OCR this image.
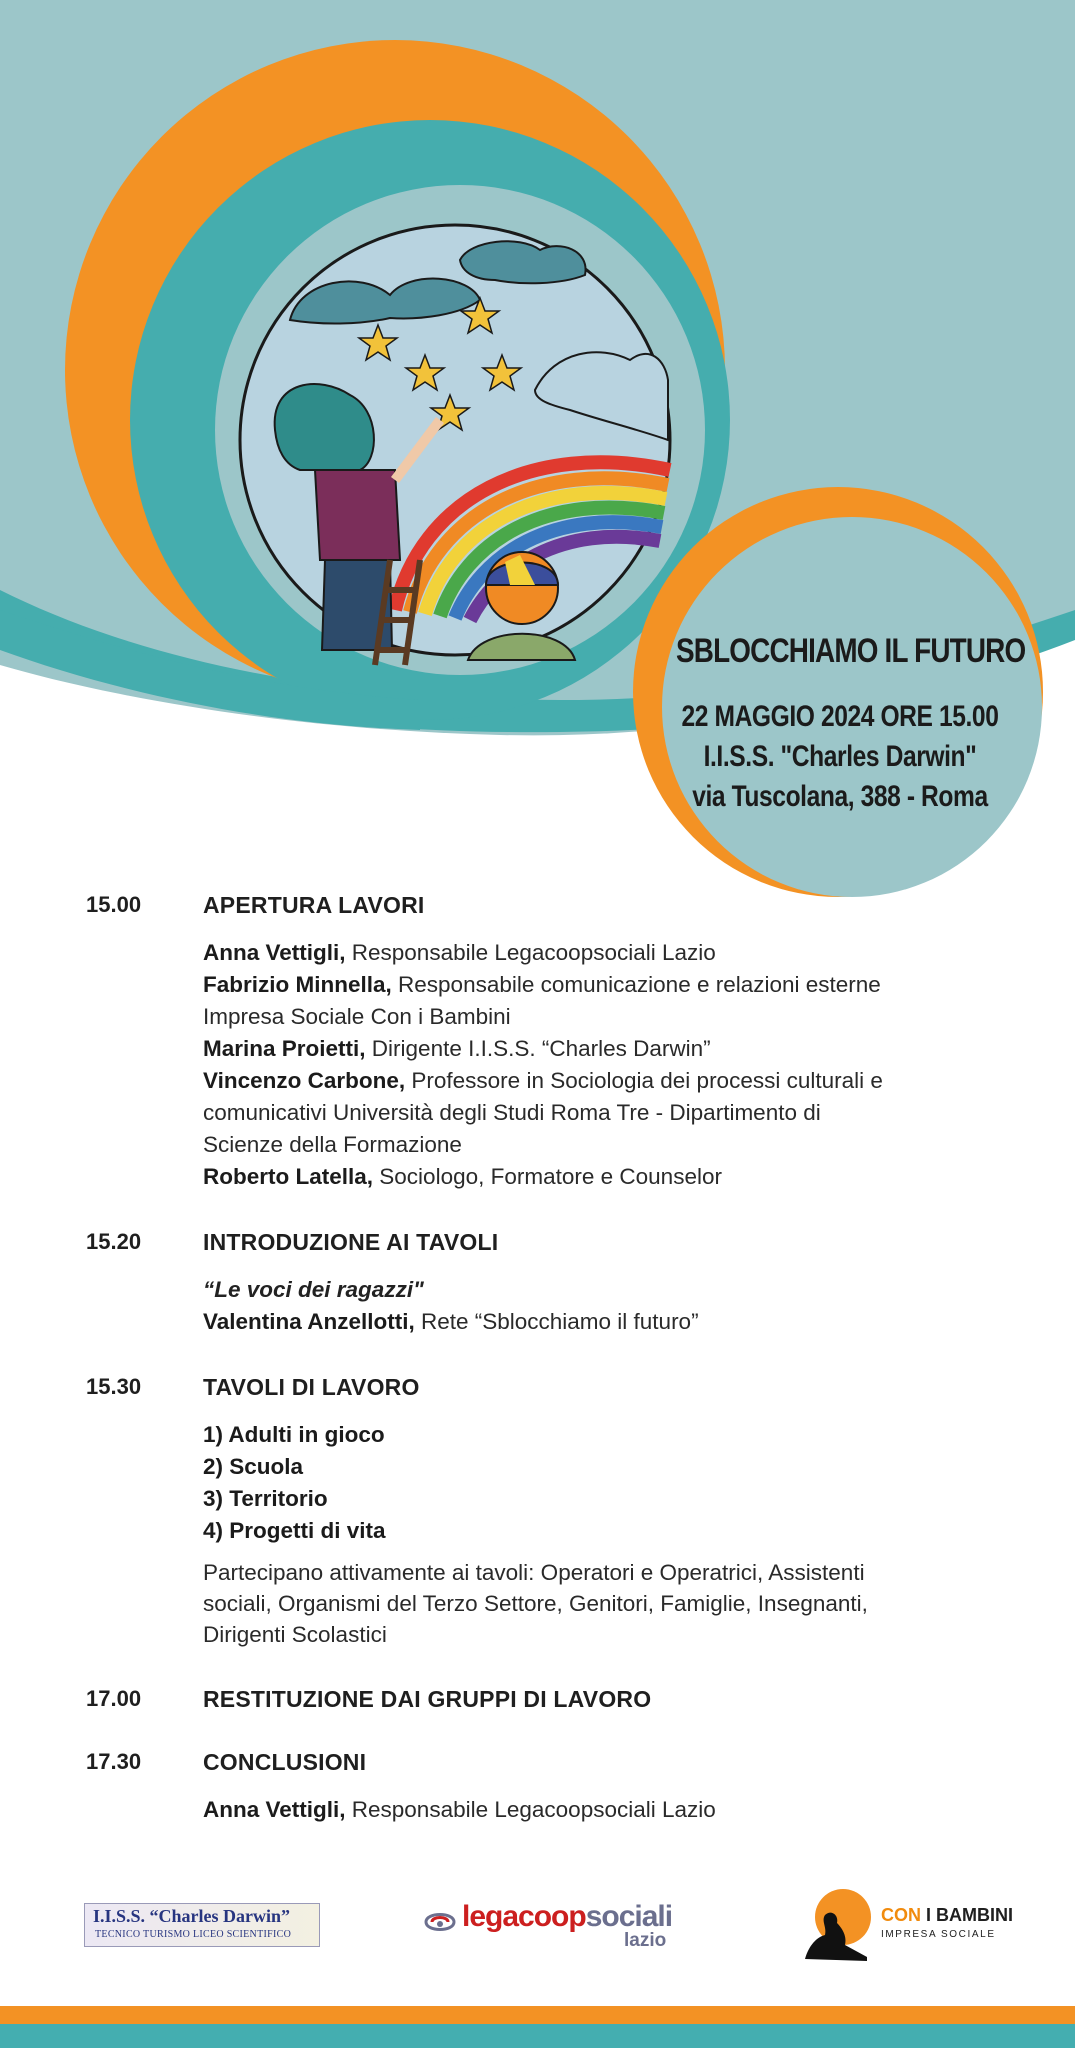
SBLOCCHIAMO IL FUTURO
22 MAGGIO 2024 ORE 15.00
I.I.S.S. "Charles Darwin"
via Tuscolana, 388 - Roma
15.00	APERTURA LAVORI
Anna Vettigli, Responsabile Legacoopsociali Lazio
Fabrizio Minnella, Responsabile comunicazione e relazioni esterne
Impresa Sociale Con i Bambini
Marina Proietti, Dirigente I.I.S.S. “Charles Darwin”
Vincenzo Carbone, Professore in Sociologia dei processi culturali e
comunicativi Università degli Studi Roma Tre - Dipartimento di
Scienze della Formazione
Roberto Latella, Sociologo, Formatore e Counselor
15.20	INTRODUZIONE AI TAVOLI
“Le voci dei ragazzi"
Valentina Anzellotti, Rete “Sblocchiamo il futuro”
15.30	TAVOLI DI LAVORO
1) Adulti in gioco
2) Scuola
3) Territorio
4) Progetti di vita
Partecipano attivamente ai tavoli: Operatori e Operatrici, Assistenti
sociali, Organismi del Terzo Settore, Genitori, Famiglie, Insegnanti,
Dirigenti Scolastici
17.00	RESTITUZIONE DAI GRUPPI DI LAVORO
17.30	CONCLUSIONI
Anna Vettigli, Responsabile Legacoopsociali Lazio
I.I.S.S. “Charles Darwin”
TECNICO TURISMO LICEO SCIENTIFICO
legacoopsociali
lazio
CON I BAMBINI
IMPRESA SOCIALE
